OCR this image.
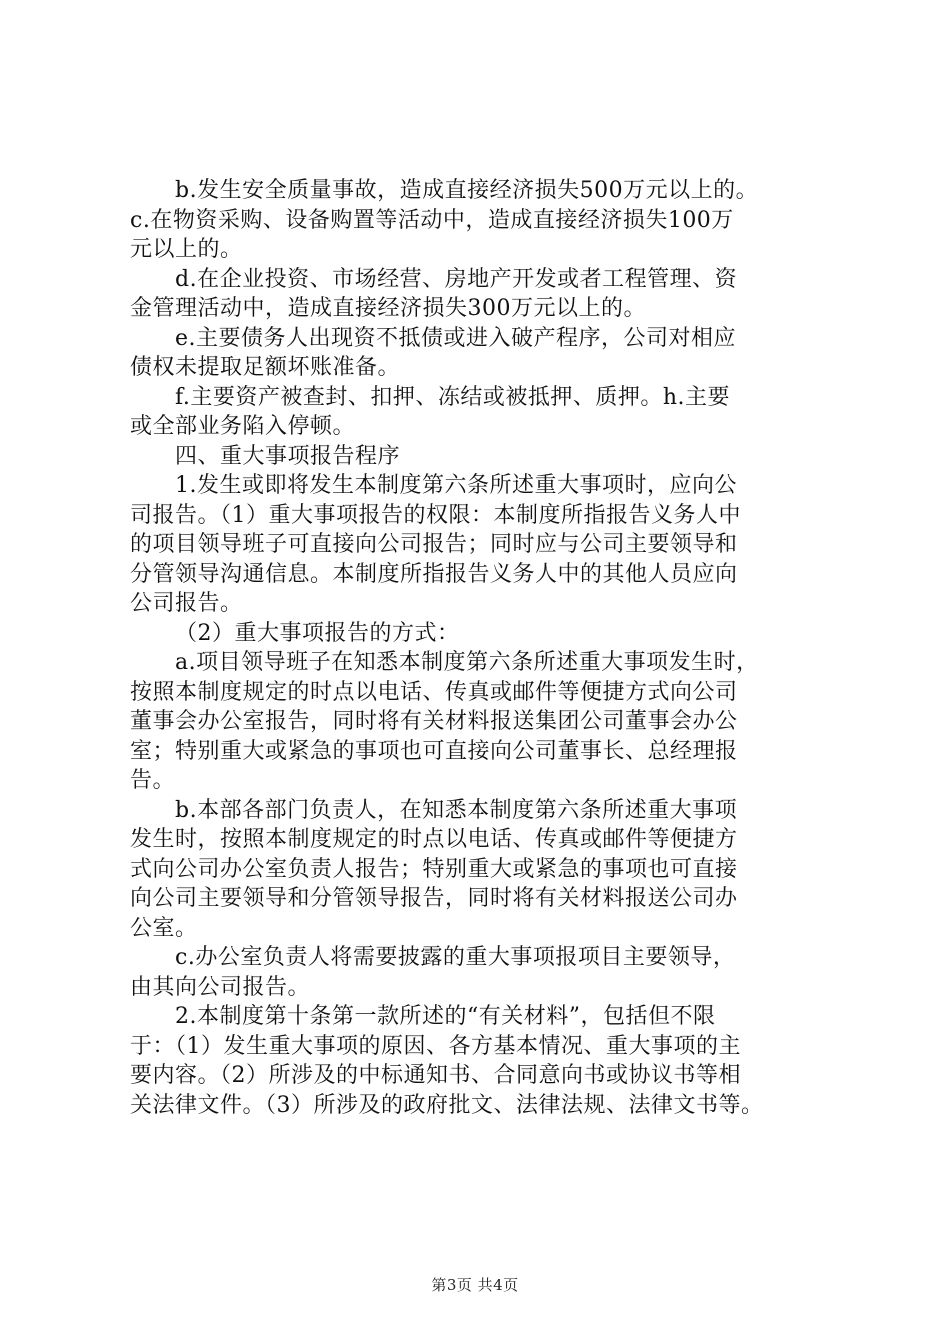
b.发生安全质量事故，造成直接经济损失500万元以上的。
c.在物资采购、设备购置等活动中，造成直接经济损失100万
元以上的。
d.在企业投资、市场经营、房地产开发或者工程管理、资
金管理活动中，造成直接经济损失300万元以上的。
e.主要债务人出现资不抵债或进入破产程序，公司对相应
债权未提取足额坏账准备。
f.主要资产被查封、扣押、冻结或被抵押、质押。h.主要
或全部业务陷入停顿。
四、重大事项报告程序
1.发生或即将发生本制度第六条所述重大事项时，应向公
司报告。（1）重大事项报告的权限：本制度所指报告义务人中
的项目领导班子可直接向公司报告；同时应与公司主要领导和
分管领导沟通信息。本制度所指报告义务人中的其他人员应向
公司报告。
（2）重大事项报告的方式：
a.项目领导班子在知悉本制度第六条所述重大事项发生时，
按照本制度规定的时点以电话、传真或邮件等便捷方式向公司
董事会办公室报告，同时将有关材料报送集团公司董事会办公
室；特别重大或紧急的事项也可直接向公司董事长、总经理报
告。
b.本部各部门负责人，在知悉本制度第六条所述重大事项
发生时，按照本制度规定的时点以电话、传真或邮件等便捷方
式向公司办公室负责人报告；特别重大或紧急的事项也可直接
向公司主要领导和分管领导报告，同时将有关材料报送公司办
公室。
c.办公室负责人将需要披露的重大事项报项目主要领导，
由其向公司报告。
2.本制度第十条第一款所述的“有关材料”，包括但不限
于：（1）发生重大事项的原因、各方基本情况、重大事项的主
要内容。（2）所涉及的中标通知书、合同意向书或协议书等相
关法律文件。（3）所涉及的政府批文、法律法规、法律文书等。
第3页 共4页
